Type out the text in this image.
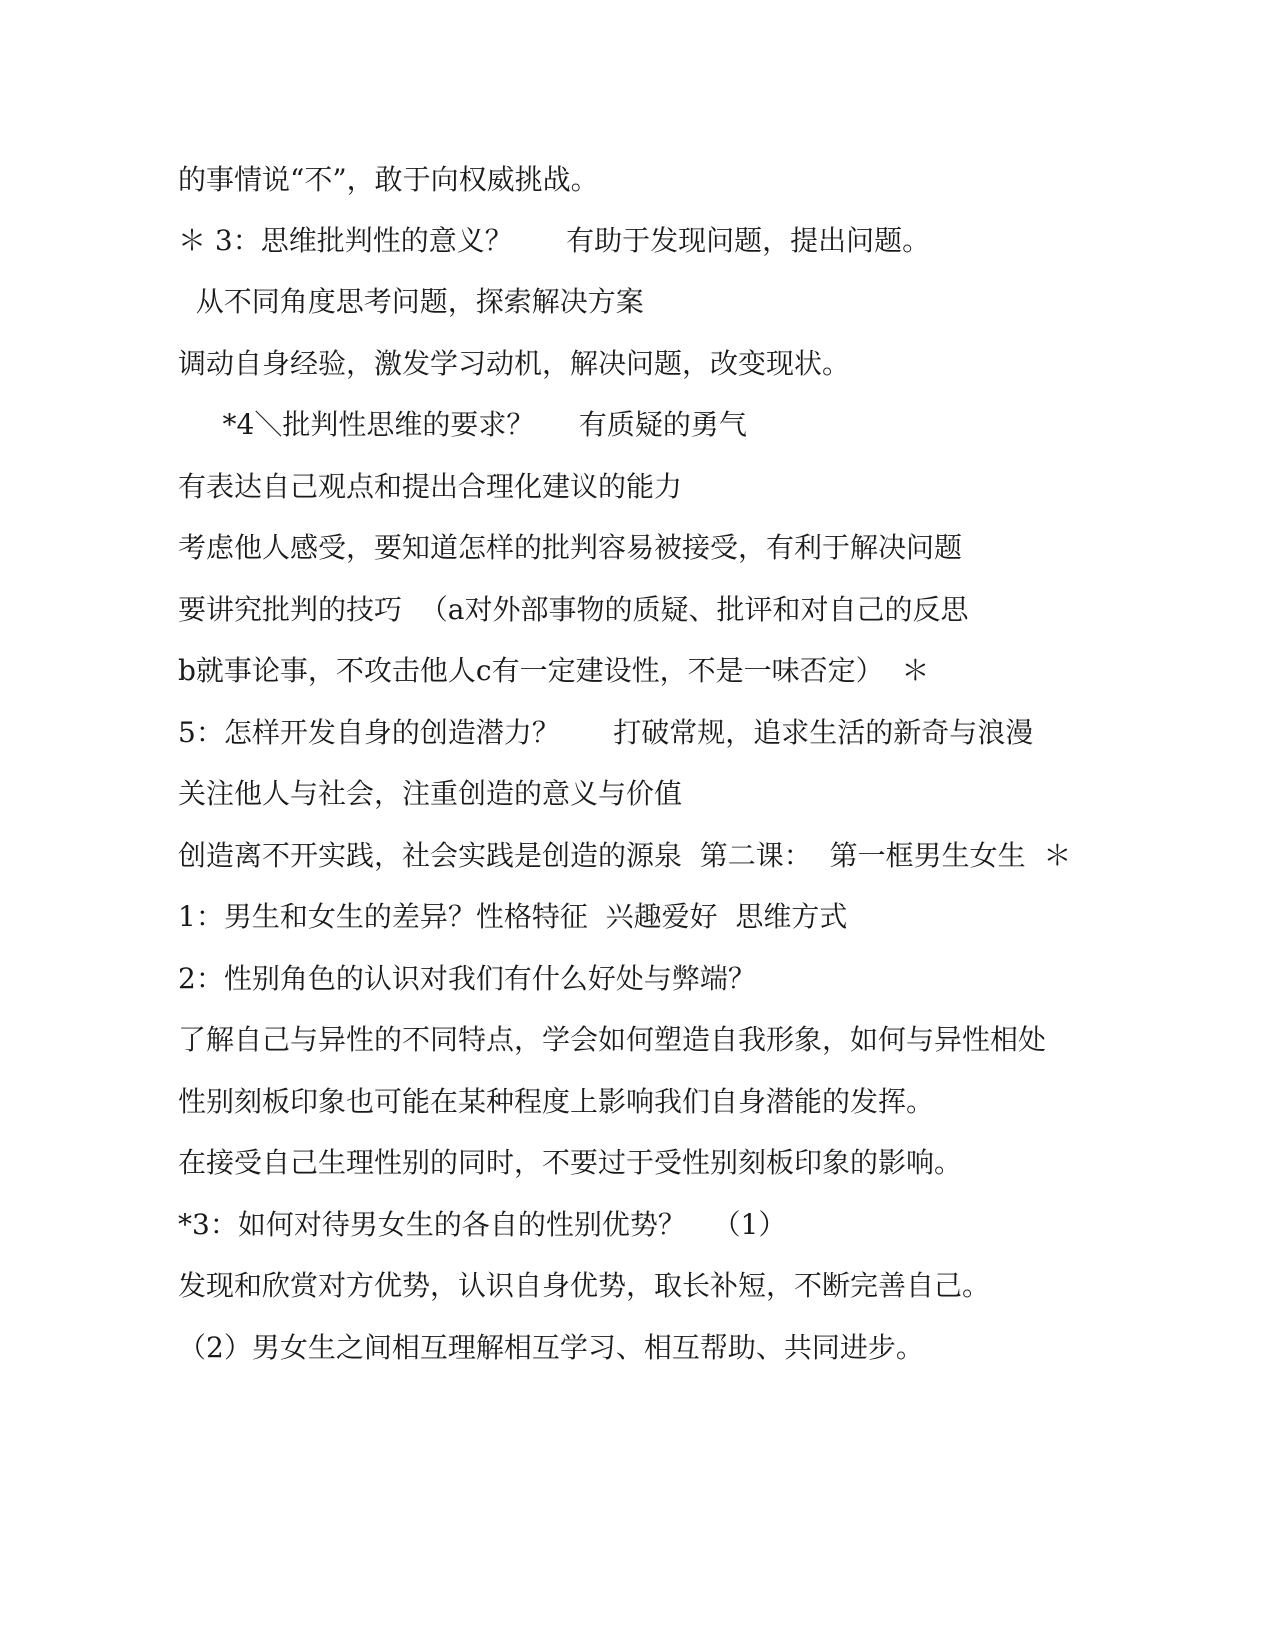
的事情说“不”，敢于向权威挑战。
＊ 3：思维批判性的意义？      有助于发现问题，提出问题。
从不同角度思考问题，探索解决方案
调动自身经验，激发学习动机，解决问题，改变现状。
*4＼批判性思维的要求？     有质疑的勇气
有表达自己观点和提出合理化建议的能力
考虑他人感受，要知道怎样的批判容易被接受，有利于解决问题
要讲究批判的技巧  （a对外部事物的质疑、批评和对自己的反思
b就事论事，不攻击他人c有一定建设性，不是一味否定）  ＊
5：怎样开发自身的创造潜力？      打破常规，追求生活的新奇与浪漫
关注他人与社会，注重创造的意义与价值
创造离不开实践，社会实践是创造的源泉  第二课：  第一框男生女生  ＊
1：男生和女生的差异？性格特征  兴趣爱好  思维方式
2：性别角色的认识对我们有什么好处与弊端？
了解自己与异性的不同特点，学会如何塑造自我形象，如何与异性相处
性别刻板印象也可能在某种程度上影响我们自身潜能的发挥。
在接受自己生理性别的同时，不要过于受性别刻板印象的影响。
*3：如何对待男女生的各自的性别优势？   （1）
发现和欣赏对方优势，认识自身优势，取长补短，不断完善自己。
（2）男女生之间相互理解相互学习、相互帮助、共同进步。
